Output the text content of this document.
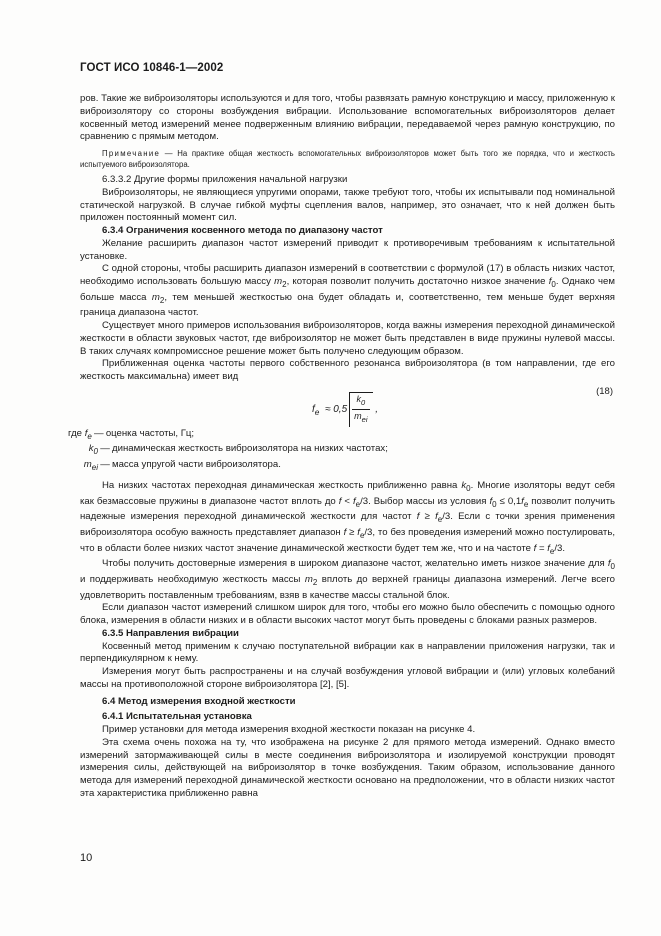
ГОСТ ИСО 10846-1—2002

ров. Такие же виброизоляторы используются и для того, чтобы развязать рамную конструкцию и массу, приложенную к виброизолятору со стороны возбуждения вибрации. Использование вспомогательных виброизоляторов делает косвенный метод измерений менее подверженным влиянию вибрации, передаваемой через рамную конструкцию, по сравнению с прямым методом.

Примечание — На практике общая жесткость вспомогательных виброизоляторов может быть того же порядка, что и жесткость испытуемого виброизолятора.

6.3.3.2 Другие формы приложения начальной нагрузки

Виброизоляторы, не являющиеся упругими опорами, также требуют того, чтобы их испытывали под номинальной статической нагрузкой. В случае гибкой муфты сцепления валов, например, это означает, что к ней должен быть приложен постоянный момент сил.

6.3.4 Ограничения косвенного метода по диапазону частот

Желание расширить диапазон частот измерений приводит к противоречивым требованиям к испытательной установке.

С одной стороны, чтобы расширить диапазон измерений в соответствии с формулой (17) в область низких частот, необходимо использовать большую массу $m_2$, которая позволит получить достаточно низкое значение $f_0$. Однако чем больше масса $m_2$, тем меньшей жесткостью она будет обладать и, соответственно, тем меньше будет верхняя граница диапазона частот.

Существует много примеров использования виброизоляторов, когда важны измерения переходной динамической жесткости в области звуковых частот, где виброизолятор не может быть представлен в виде пружины нулевой массы. В таких случаях компромиссное решение может быть получено следующим образом.

Приближенная оценка частоты первого собственного резонанса виброизолятора (в том направлении, где его жесткость максимальна) имеет вид

$f_e \approx 0,5 \frac{k_0}{m_{ei}}$ ,
(18)
где
$f_e$ — оценка частоты, Гц;
$k_0$ — динамическая жесткость виброизолятора на низких частотах;
$m_{ei}$ — масса упругой части виброизолятора.

На низких частотах переходная динамическая жесткость приближенно равна $k_0$. Многие изоляторы ведут себя как безмассовые пружины в диапазоне частот вплоть до $f < f_e/3$. Выбор массы из условия $f_0 \le 0,1f_e$ позволит получить надежные измерения переходной динамической жесткости для частот $f \ge f_e/3$. Если с точки зрения применения виброизолятора особую важность представляет диапазон $f \ge f_e/3$, то без проведения измерений можно постулировать, что в области более низких частот значение динамической жесткости будет тем же, что и на частоте $f = f_e/3$.

Чтобы получить достоверные измерения в широком диапазоне частот, желательно иметь низкое значение для $f_0$ и поддерживать необходимую жесткость массы $m_2$ вплоть до верхней границы диапазона измерений. Легче всего удовлетворить поставленным требованиям, взяв в качестве массы стальной блок.

Если диапазон частот измерений слишком широк для того, чтобы его можно было обеспечить с помощью одного блока, измерения в области низких и в области высоких частот могут быть проведены с блоками разных размеров.

6.3.5 Направления вибрации

Косвенный метод применим к случаю поступательной вибрации как в направлении приложения нагрузки, так и перпендикулярном к нему.

Измерения могут быть распространены и на случай возбуждения угловой вибрации и (или) угловых колебаний массы на противоположной стороне виброизолятора [2], [5].

6.4 Метод измерения входной жесткости

6.4.1 Испытательная установка

Пример установки для метода измерения входной жесткости показан на рисунке 4.

Эта схема очень похожа на ту, что изображена на рисунке 2 для прямого метода измерений. Однако вместо измерений затормаживающей силы в месте соединения виброизолятора и изолируемой конструкции проводят измерения силы, действующей на виброизолятор в точке возбуждения. Таким образом, использование данного метода для измерений переходной динамической жесткости основано на предположении, что в области низких частот эта характеристика приближенно равна

10
